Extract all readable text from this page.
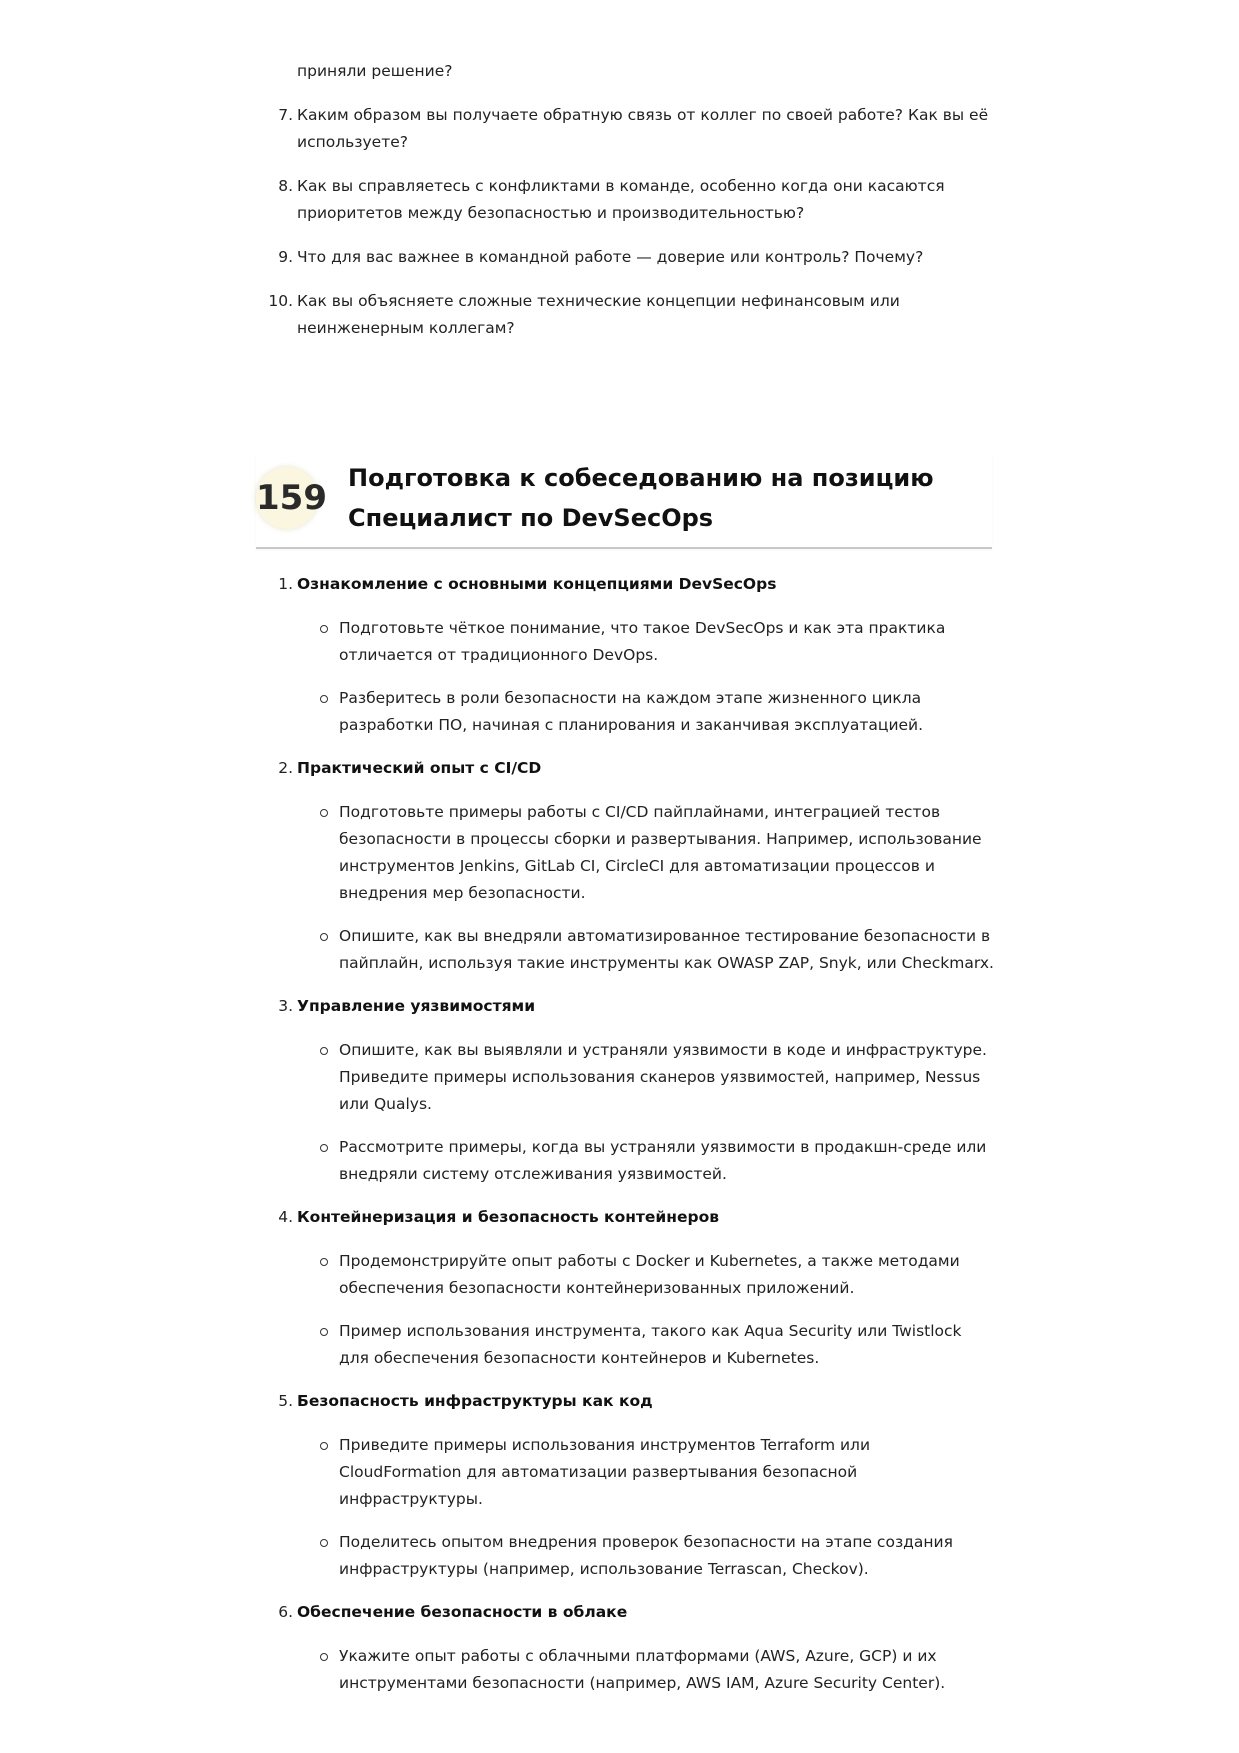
приняли решение?
7. Каким образом вы получаете обратную связь от коллег по своей работе? Как вы её используете?
8. Как вы справляетесь с конфликтами в команде, особенно когда они касаются приоритетов между безопасностью и производительностью?
9. Что для вас важнее в командной работе — доверие или контроль? Почему?
10. Как вы объясняете сложные технические концепции нефинансовым или неинженерным коллегам?
159 Подготовка к собеседованию на позицию Специалист по DevSecOps
1. Ознакомление с основными концепциями DevSecOps
Подготовьте чёткое понимание, что такое DevSecOps и как эта практика отличается от традиционного DevOps.
Разберитесь в роли безопасности на каждом этапе жизненного цикла разработки ПО, начиная с планирования и заканчивая эксплуатацией.
2. Практический опыт с CI/CD
Подготовьте примеры работы с CI/CD пайплайнами, интеграцией тестов безопасности в процессы сборки и развертывания. Например, использование инструментов Jenkins, GitLab CI, CircleCI для автоматизации процессов и внедрения мер безопасности.
Опишите, как вы внедряли автоматизированное тестирование безопасности в пайплайн, используя такие инструменты как OWASP ZAP, Snyk, или Checkmarx.
3. Управление уязвимостями
Опишите, как вы выявляли и устраняли уязвимости в коде и инфраструктуре. Приведите примеры использования сканеров уязвимостей, например, Nessus или Qualys.
Рассмотрите примеры, когда вы устраняли уязвимости в продакшн-среде или внедряли систему отслеживания уязвимостей.
4. Контейнеризация и безопасность контейнеров
Продемонстрируйте опыт работы с Docker и Kubernetes, а также методами обеспечения безопасности контейнеризованных приложений.
Пример использования инструмента, такого как Aqua Security или Twistlock для обеспечения безопасности контейнеров и Kubernetes.
5. Безопасность инфраструктуры как код
Приведите примеры использования инструментов Terraform или CloudFormation для автоматизации развертывания безопасной инфраструктуры.
Поделитесь опытом внедрения проверок безопасности на этапе создания инфраструктуры (например, использование Terrascan, Checkov).
6. Обеспечение безопасности в облаке
Укажите опыт работы с облачными платформами (AWS, Azure, GCP) и их инструментами безопасности (например, AWS IAM, Azure Security Center).
